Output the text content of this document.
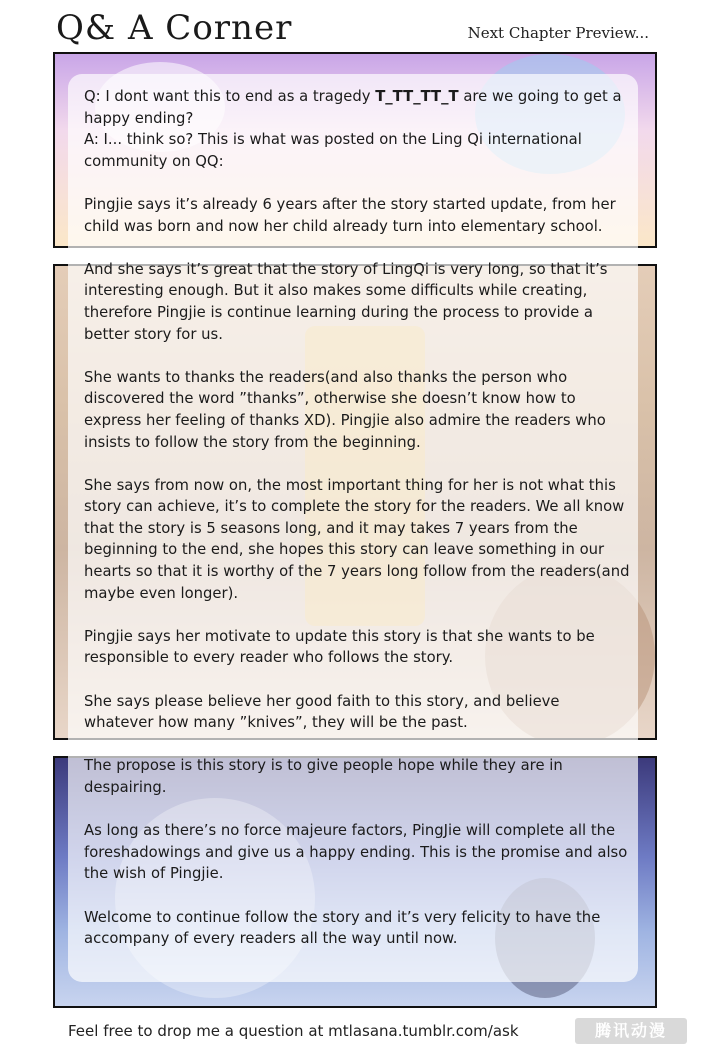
Q& A Corner	Next Chapter Preview...

Q: I dont want this to end as a tragedy T_TT_TT_T are we going to get a happy ending?

A: I... think so? This is what was posted on the Ling Qi international community on QQ:

Pingjie says it’s already 6 years after the story started update, from her child was born and now her child already turn into elementary school.

And she says it’s great that the story of LingQi is very long, so that it’s interesting enough. But it also makes some difficults while creating, therefore Pingjie is continue learning during the process to provide a better story for us.

She wants to thanks the readers(and also thanks the person who discovered the word ”thanks”, otherwise she doesn’t know how to express her feeling of thanks XD). Pingjie also admire the readers who insists to follow the story from the beginning.

She says from now on, the most important thing for her is not what this story can achieve, it’s to complete the story for the readers. We all know that the story is 5 seasons long, and it may takes 7 years from the beginning to the end, she hopes this story can leave something in our hearts so that it is worthy of the 7 years long follow from the readers(and maybe even longer).

Pingjie says her motivate to update this story is that she wants to be responsible to every reader who follows the story.

She says please believe her good faith to this story, and believe whatever how many ”knives”, they will be the past.

The propose is this story is to give people hope while they are in despairing.

As long as there’s no force majeure factors, PingJie will complete all the foreshadowings and give us a happy ending. This is the promise and also the wish of Pingjie.

Welcome to continue follow the story and it’s very felicity to have the accompany of every readers all the way until now.

Feel free to drop me a question at mtlasana.tumblr.com/ask	腾讯动漫
